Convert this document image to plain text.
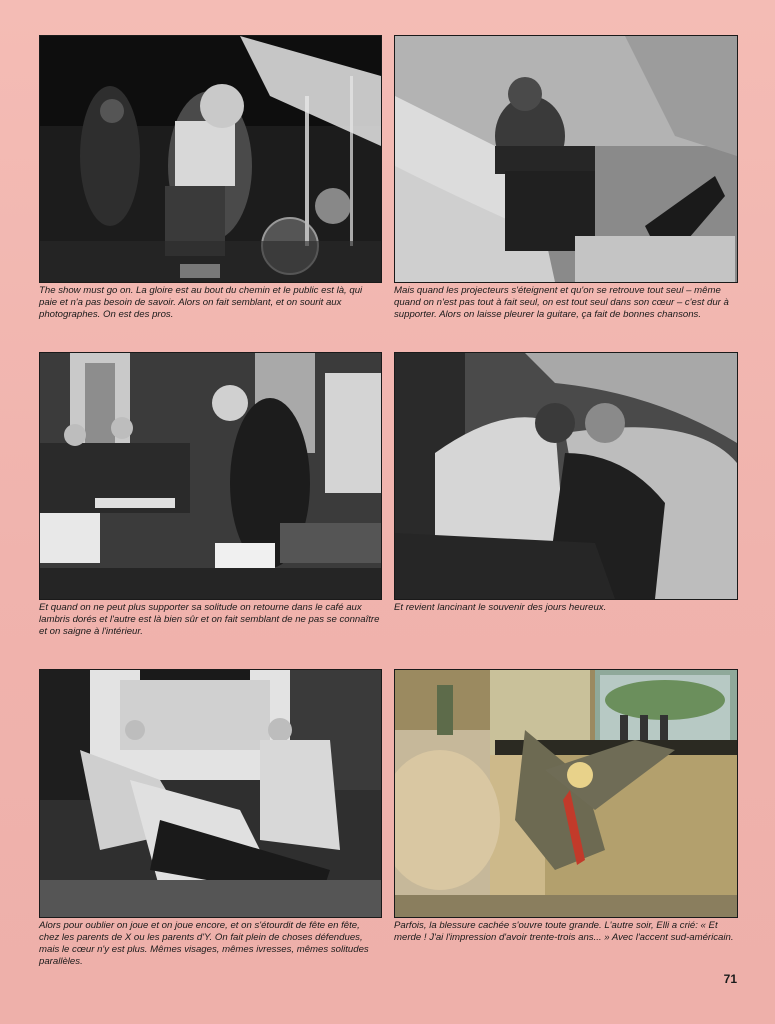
The show must go on. La gloire est au bout du chemin et le public est là, qui paie et n'a pas besoin de savoir. Alors on fait semblant, et on sourit aux photographes. On est des pros.

Mais quand les projecteurs s'éteignent et qu'on se retrouve tout seul – même quand on n'est pas tout à fait seul, on est tout seul dans son cœur – c'est dur à supporter. Alors on laisse pleurer la guitare, ça fait de bonnes chansons.

Et quand on ne peut plus supporter sa solitude on retourne dans le café aux lambris dorés et l'autre est là bien sûr et on fait semblant de ne pas se connaître et on saigne à l'intérieur.

Et revient lancinant le souvenir des jours heureux.

Alors pour oublier on joue et on joue encore, et on s'étourdit de fête en fête, chez les parents de X ou les parents d'Y. On fait plein de choses défendues, mais le cœur n'y est plus. Mêmes visages, mêmes ivresses, mêmes solitudes parallèles.

Parfois, la blessure cachée s'ouvre toute grande. L'autre soir, Elli a crié: « Et merde ! J'ai l'impression d'avoir trente-trois ans... » Avec l'accent sud-américain.

71
